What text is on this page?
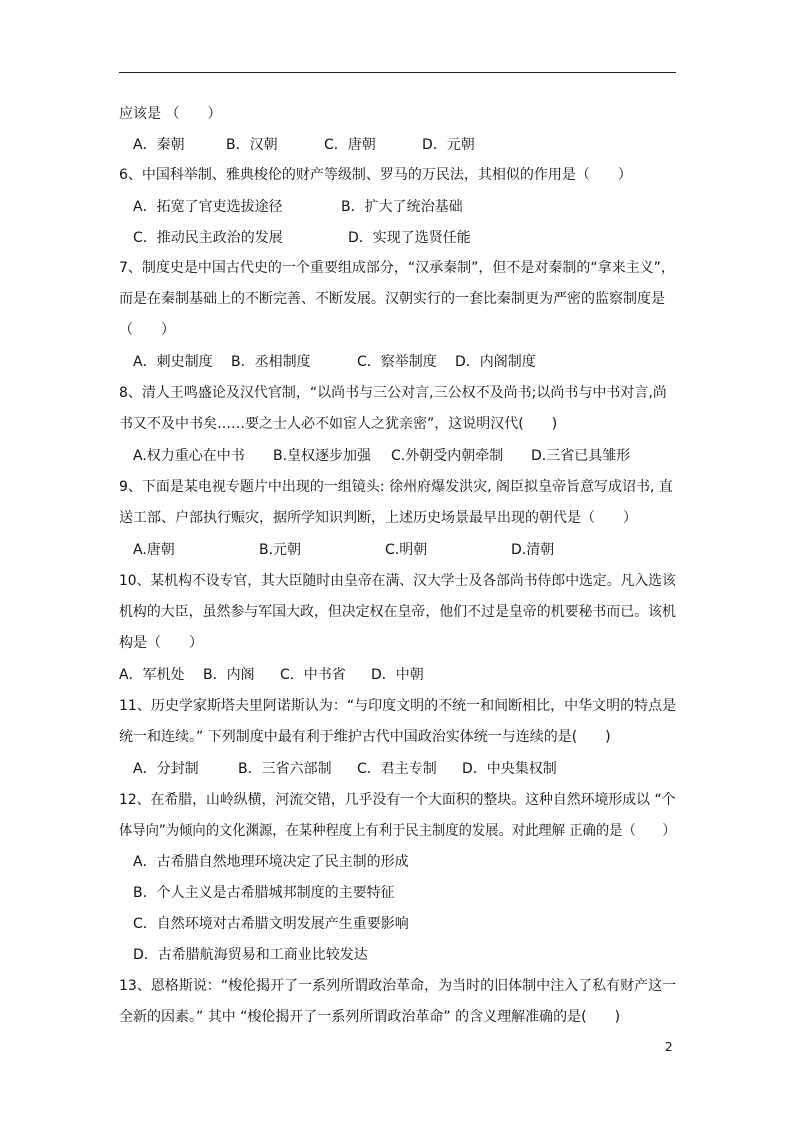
应该是 （　　）
A．秦朝	B．汉朝	C．唐朝	D．元朝
6、中国科举制、雅典梭伦的财产等级制、罗马的万民法，其相似的作用是（　　）
A．拓宽了官吏选拔途径	B．扩大了统治基础
C．推动民主政治的发展	D．实现了选贤任能
7、制度史是中国古代史的一个重要组成部分，“汉承秦制”，但不是对秦制的“拿来主义”，
而是在秦制基础上的不断完善、不断发展。汉朝实行的一套比秦制更为严密的监察制度是
（　　）
A．刺史制度 B．丞相制度	C．察举制度 D．内阁制度
8、清人王鸣盛论及汉代官制，“以尚书与三公对言,三公权不及尚书;以尚书与中书对言,尚
书又不及中书矣……要之士人必不如宦人之犹亲密”，这说明汉代(　　)
A.权力重心在中书 B.皇权逐步加强 C.外朝受内朝牵制 D.三省已具雏形
9、下面是某电视专题片中出现的一组镜头: 徐州府爆发洪灾, 阁臣拟皇帝旨意写成诏书, 直
送工部、户部执行赈灾，据所学知识判断，上述历史场景最早出现的朝代是（　　）
A.唐朝	B.元朝	C.明朝	D.清朝
10、某机构不设专官，其大臣随时由皇帝在满、汉大学士及各部尚书侍郎中选定。凡入选该
机构的大臣，虽然参与军国大政，但决定权在皇帝，他们不过是皇帝的机要秘书而已。该机
构是（　　）
A．军机处 B．内阁 C．中书省 D．中朝
11、历史学家斯塔夫里阿诺斯认为：“与印度文明的不统一和间断相比，中华文明的特点是
统一和连续。” 下列制度中最有利于维护古代中国政治实体统一与连续的是(　　)
A．分封制	B．三省六部制 C．君主专制 D．中央集权制
12、在希腊，山岭纵横，河流交错，几乎没有一个大面积的整块。这种自然环境形成以 “个
体导向”为倾向的文化渊源，在某种程度上有利于民主制度的发展。对此理解 正确的是（　　）
A．古希腊自然地理环境决定了民主制的形成
B．个人主义是古希腊城邦制度的主要特征
C．自然环境对古希腊文明发展产生重要影响
D．古希腊航海贸易和工商业比较发达
13、恩格斯说：“梭伦揭开了一系列所谓政治革命，为当时的旧体制中注入了私有财产这一
全新的因素。” 其中 “梭伦揭开了一系列所谓政治革命” 的含义理解准确的是(　　)
2
